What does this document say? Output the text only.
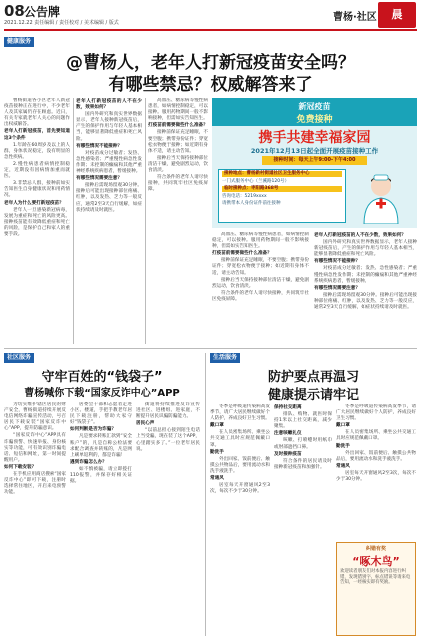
08 公告牌
2021.12.22 责任编辑 / 责任校对 / 美术编辑 / 版式	曹杨·社区	晨
健康服务
@曹杨人，老年人打新冠疫苗安全吗？
有哪些禁忌？权威解答来了

曹杨街道各小区老年人新冠疫苗接种正在进行中，不少老年人及其家属仍存在顾虑。近日，有关专家就老年人关心的问题作出权威解答。

老年人打新冠疫苗，首先要知道这3个条件

1.年龄在60周岁及以上的人群，身体状况稳定，没有明显的急性疾病。

2.慢性病患者病情控制稳定，近期没有因病情加重而就医。

3.非禁忌人群，接种前如实告知医生自身健康状况和用药情况。

老年人为什么要打新冠疫苗？

老年人一旦感染新冠病毒，发展为重症和死亡的风险更高。接种疫苗能有效降低重症和死亡的风险，是保护自己和家人的重要手段。

老年人打新冠疫苗的人不在少数，效果如何？

国内外研究和真实世界数据显示，老年人接种新冠疫苗后，产生的保护作用与年轻人基本相当，能够显著降低重症和死亡风险。

有哪些情况不能接种？

对疫苗成分过敏者；发热、急性感染者；严重慢性病急性发作期；未控制的癫痫和其他严重神经系统疾病患者，暂缓接种。

有哪些情况需要注意？

接种后需现场留观30分钟。接种后可能出现接种部位疼痛、红肿，以及发热、乏力等一般反应，通常2至3天自行缓解，如症状持续请及时就医。

高血压、糖尿病等慢性病患者，如病情控制稳定，可以接种。服用药物期间一般不影响接种，但需如实告知医生。

打疫苗前需要做些什么准备？

接种前保证充足睡眠，不要空腹；携带身份证件；穿宽松衣物便于接种；如近期有身体不适，请主动告知。

接种后当天保持接种部位清洁干燥，避免剧烈运动，饮食清淡。

符合条件的老年人请尽快接种，共同筑牢社区免疫屏障。

新冠疫苗
免费接种
携手共建幸福家园
2021年12月13日起全面开展疫苗接种工作
接种时间：每天上午9:00-下午4:00
接种地点：曹杨新村街道社区卫生服务中心
一门式服务中心（兰溪路120号）
临时接种点：枣阳路368号
咨询电话：5219xxxx
请携带本人身份证件前往接种

高血压、糖尿病等慢性病患者，如病情控制稳定，可以接种。服用药物期间一般不影响接种，但需如实告知医生。

打疫苗前需要做些什么准备？

接种前保证充足睡眠，不要空腹；携带身份证件；穿宽松衣物便于接种；如近期有身体不适，请主动告知。

接种后当天保持接种部位清洁干燥，避免剧烈运动，饮食清淡。

符合条件的老年人请尽快接种，共同筑牢社区免疫屏障。

老年人打新冠疫苗的人不在少数，效果如何？

国内外研究和真实世界数据显示，老年人接种新冠疫苗后，产生的保护作用与年轻人基本相当，能够显著降低重症和死亡风险。

有哪些情况不能接种？

对疫苗成分过敏者；发热、急性感染者；严重慢性病急性发作期；未控制的癫痫和其他严重神经系统疾病患者，暂缓接种。

有哪些情况需要注意？

接种后需现场留观30分钟。接种后可能出现接种部位疼痛、红肿，以及发热、乏力等一般反应，通常2至3天自行缓解，如症状持续请及时就医。

社区服务
守牢百姓的“钱袋子”
曹杨喊你下载“国家反诈中心”APP

为切实维护辖区居民的财产安全，曹杨街道持续开展反电信网络诈骗宣传活动，号召居民下载安装“国家反诈中心”APP，提升防骗意识。

“国家反诈中心”APP具有诈骗预警、快速举报、身份核实等功能，可有效识别诈骗电话、短信和网址，第一时间提醒用户。

如何下载安装？

在手机应用商店搜索“国家反诈中心”即可下载，注册时选择常住地区，开启来电预警功能。

居委会干部和志愿者走进小区、楼道，手把手教老年居民下载注册，帮助大家守好“钱袋子”。

如何判断是否为诈骗？

凡是要求转账汇款到“安全账户”的，凡是自称公检法要求配合调查并转账的，凡是网上刷单返利的，都是诈骗！

遇到诈骗怎么办？

如不慎被骗，请立即拨打110报警，并保存好相关证据。

街道将持续推进反诈宣传进社区、进楼组、进家庭，不断提升居民识骗防骗能力。

居民心声

“以前总担心接到陌生电话上当受骗，现在装了这个APP，心里踏实多了。”一位老年居民说。

生活服务
防护要点再温习
健康提示请牢记

冬季是呼吸道传染病高发季节，请广大居民继续做好个人防护，养成良好卫生习惯。

戴口罩

在人员密集场所、乘坐公共交通工具时应规范佩戴口罩。

勤洗手

外出回家、饭前便后、触摸公共物品后，要用流动水和洗手液洗手。

常通风

居室每天开窗通风2至3次，每次不少于30分钟。

保持社交距离

排队、购物、就医时保持1米以上社交距离，减少聚集。

注意咳嗽礼仪

咳嗽、打喷嚏时用纸巾或肘部遮挡口鼻。

及时接种疫苗

符合条件的居民请及时接种新冠疫苗和加强针。

冬季是呼吸道传染病高发季节，请广大居民继续做好个人防护，养成良好卫生习惯。

戴口罩

在人员密集场所、乘坐公共交通工具时应规范佩戴口罩。

勤洗手

外出回家、饭前便后、触摸公共物品后，要用流动水和洗手液洗手。

常通风

居室每天开窗通风2至3次，每次不少于30分钟。

纠错有奖
“啄木鸟”
欢迎读者朋友们对本报内容进行纠错，发现错别字、标点错误等请来电告知，一经核实即有奖励。
